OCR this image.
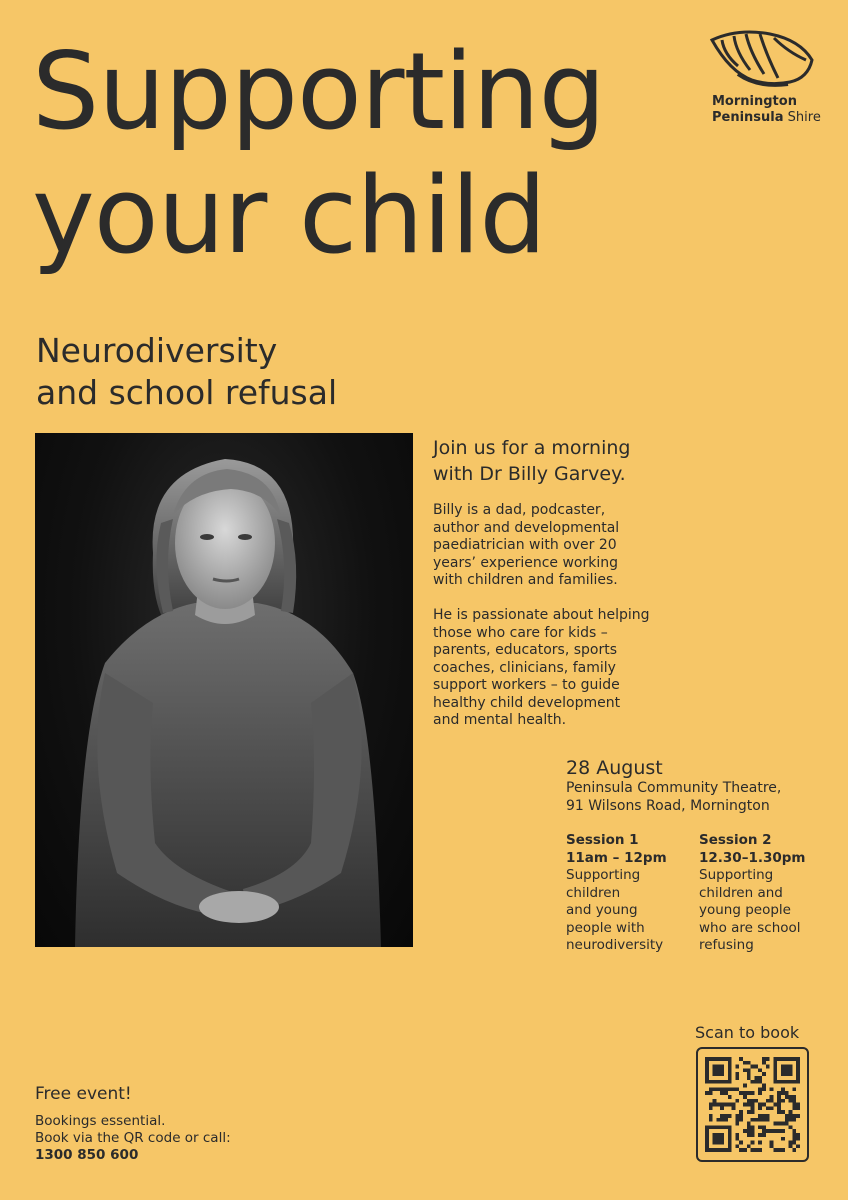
Supporting
your child
Mornington
Peninsula Shire
Neurodiversity
and school refusal
Join us for a morning
with Dr Billy Garvey.
Billy is a dad, podcaster,
author and developmental
paediatrician with over 20
years’ experience working
with children and families.
He is passionate about helping
those who care for kids –
parents, educators, sports
coaches, clinicians, family
support workers – to guide
healthy child development
and mental health.
28 August
Peninsula Community Theatre,
91 Wilsons Road, Mornington
Session 1
11am – 12pm
Supporting
children
and young
people with
neurodiversity
Session 2
12.30–1.30pm
Supporting
children and
young people
who are school
refusing
Scan to book
Free event!
Bookings essential.
Book via the QR code or call:
1300 850 600
